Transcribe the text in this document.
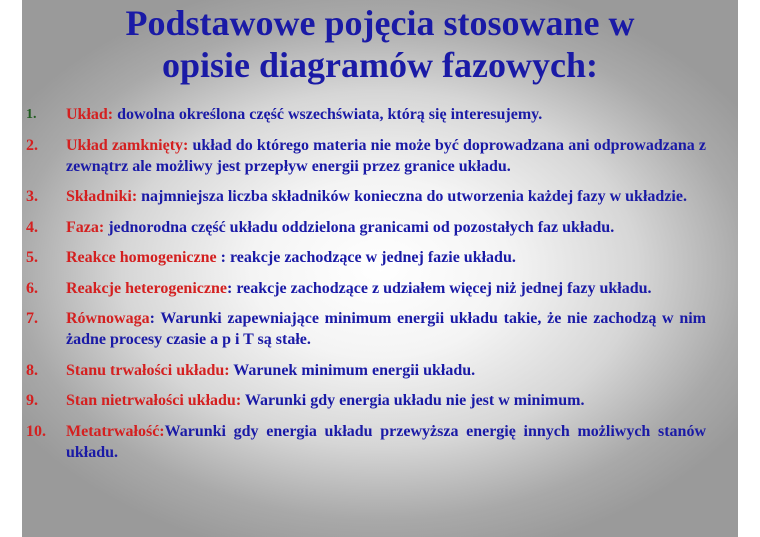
Podstawowe pojęcia stosowane w
opisie diagramów fazowych:
1.	Układ: dowolna określona część wszechświata, którą się interesujemy.
2.	Układ zamknięty: układ do którego materia nie może być doprowadzana ani odprowadzana z zewnątrz ale możliwy jest przepływ energii przez granice układu.
3.	Składniki: najmniejsza liczba składników konieczna do utworzenia każdej fazy w układzie.
4.	Faza: jednorodna część układu oddzielona granicami od pozostałych faz układu.
5.	Reakce homogeniczne : reakcje zachodzące w jednej fazie układu.
6.	Reakcje heterogeniczne: reakcje zachodzące z udziałem więcej niż jednej fazy układu.
7.	Równowaga: Warunki zapewniające minimum energii układu takie, że nie zachodzą w nim żadne procesy czasie a p i T są stałe.
8.	Stanu trwałości układu: Warunek minimum energii układu.
9.	Stan nietrwałości układu: Warunki gdy energia układu nie jest w minimum.
10.	Metatrwałość:Warunki gdy energia układu przewyższa energię innych możliwych stanów układu.
